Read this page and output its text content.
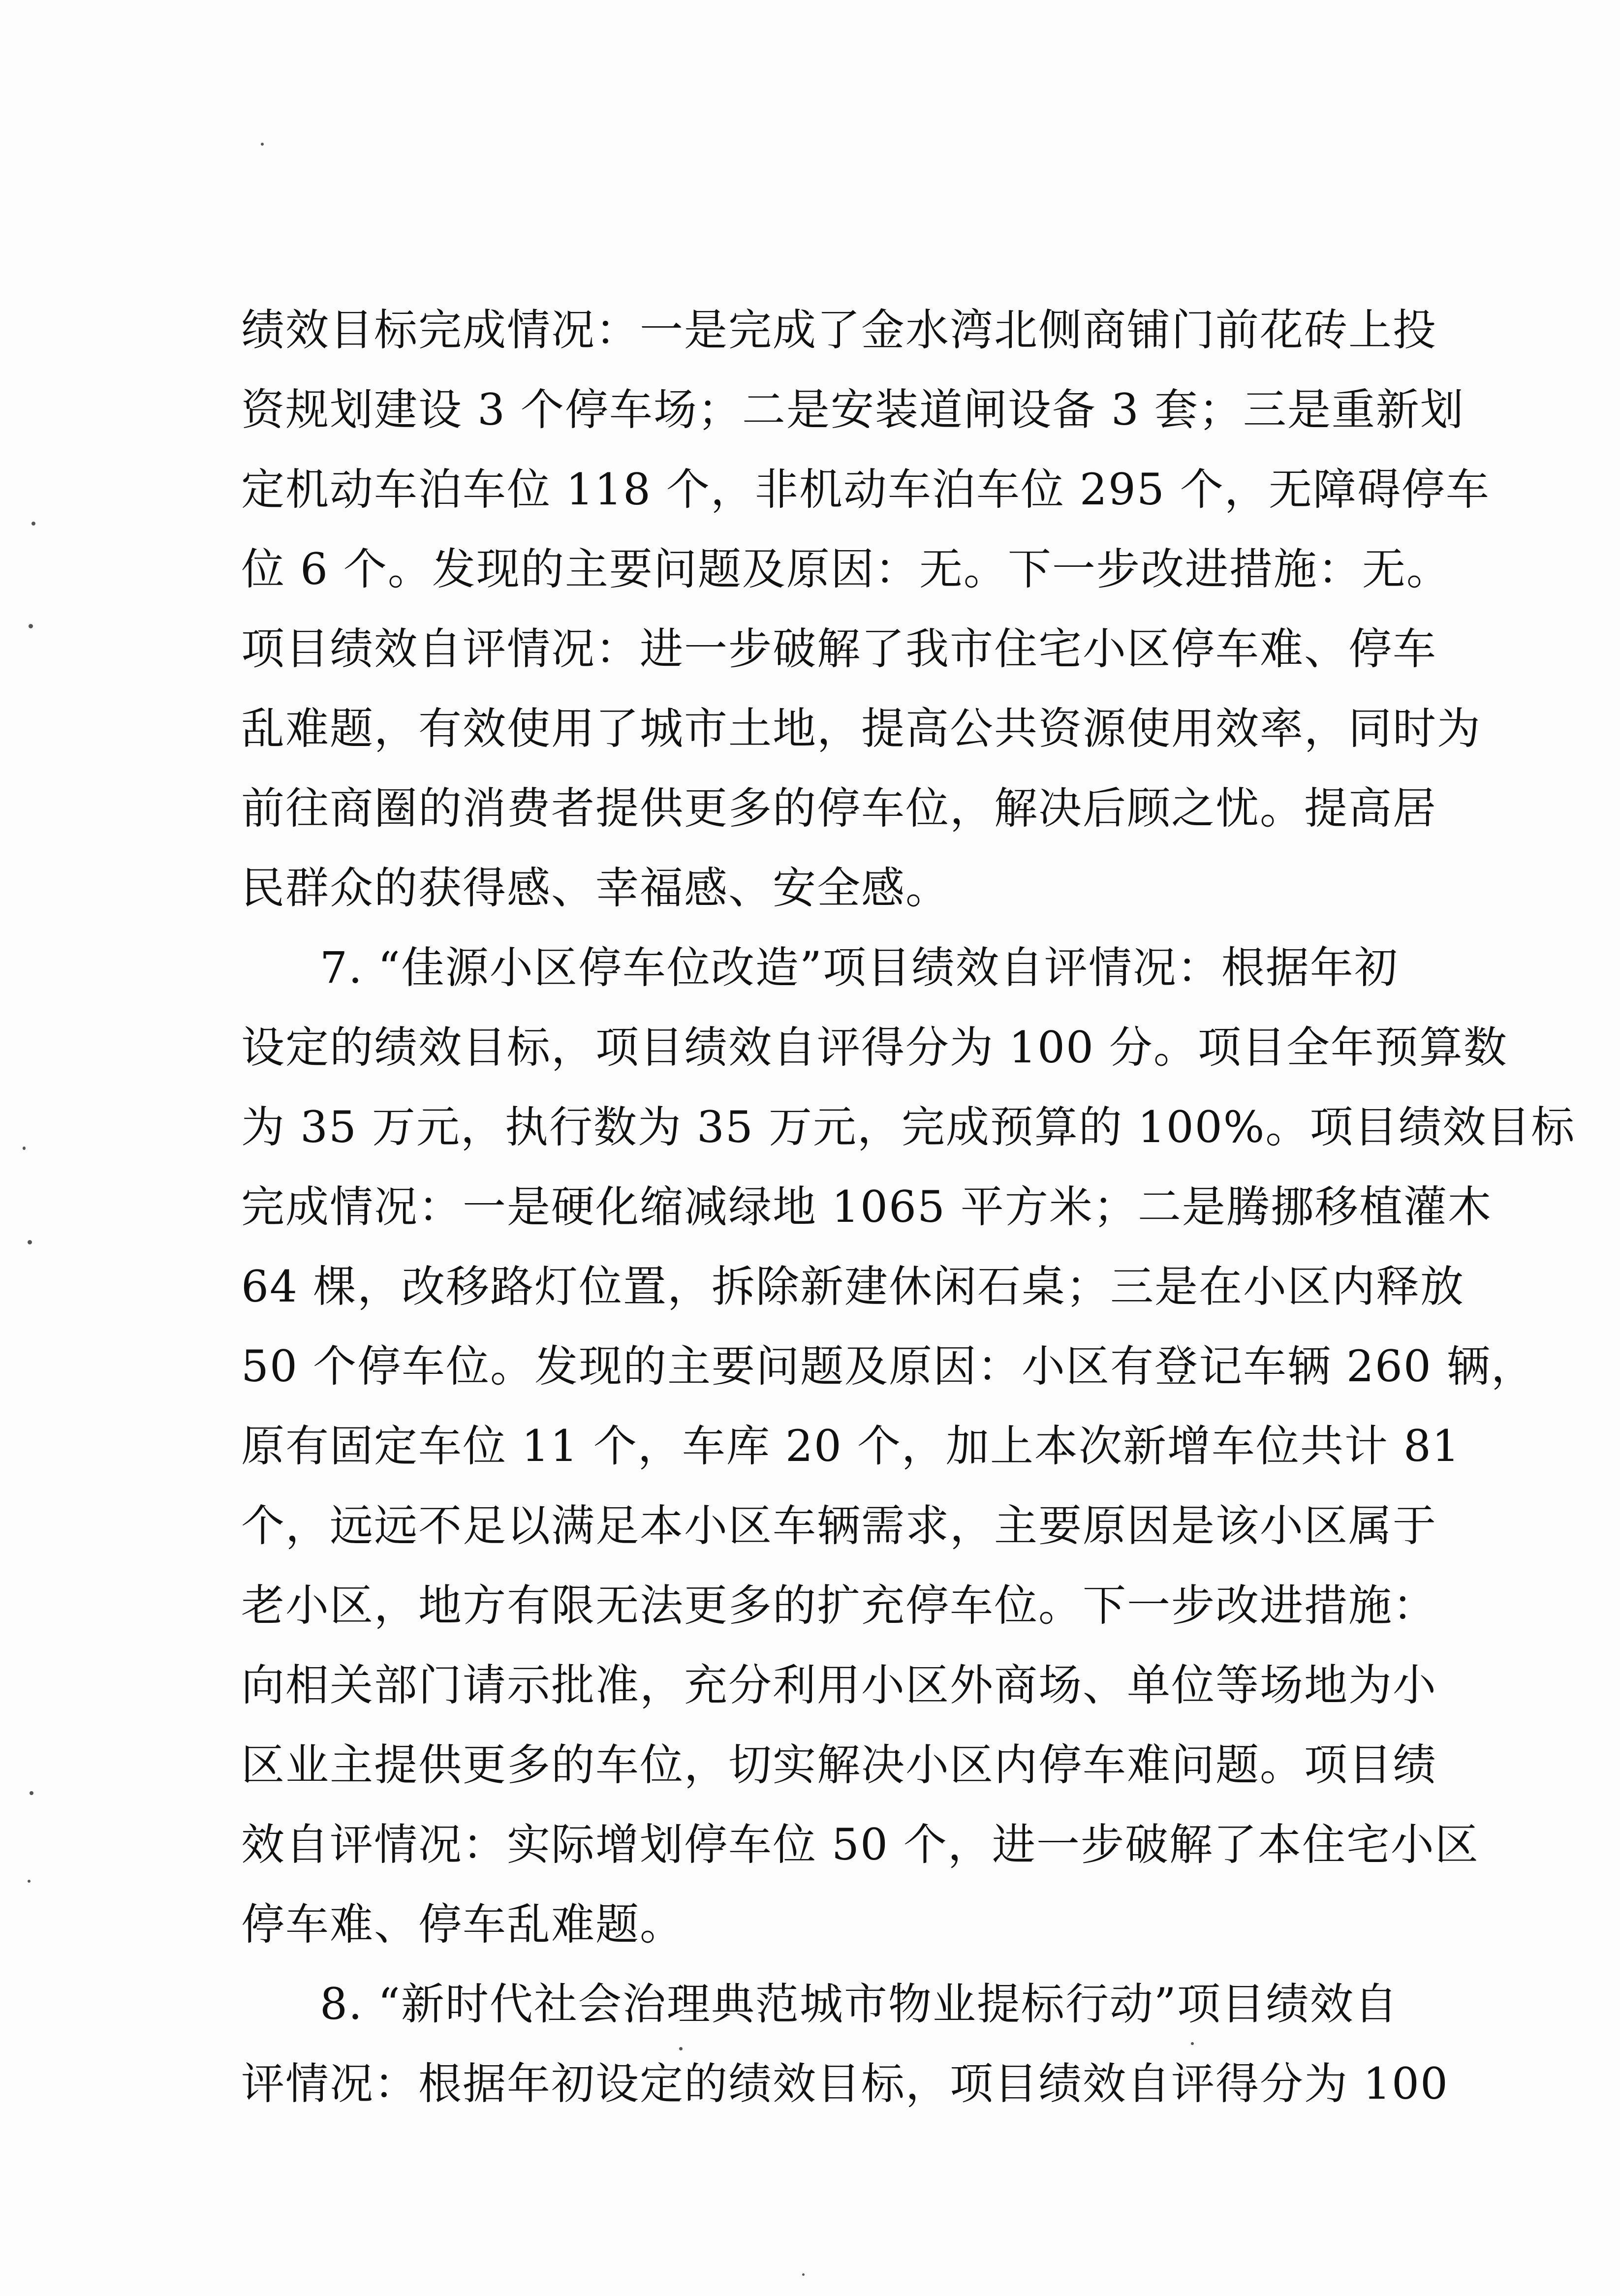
绩效目标完成情况：一是完成了金水湾北侧商铺门前花砖上投
资规划建设 3 个停车场；二是安装道闸设备 3 套；三是重新划
定机动车泊车位 118 个，非机动车泊车位 295 个，无障碍停车
位 6 个。发现的主要问题及原因：无。下一步改进措施：无。
项目绩效自评情况：进一步破解了我市住宅小区停车难、停车
乱难题，有效使用了城市土地，提高公共资源使用效率，同时为
前往商圈的消费者提供更多的停车位，解决后顾之忧。提高居
民群众的获得感、幸福感、安全感。
7. “佳源小区停车位改造”项目绩效自评情况：根据年初
设定的绩效目标，项目绩效自评得分为 100 分。项目全年预算数
为 35 万元，执行数为 35 万元，完成预算的 100%。项目绩效目标
完成情况：一是硬化缩减绿地 1065 平方米；二是腾挪移植灌木
64 棵，改移路灯位置，拆除新建休闲石桌；三是在小区内释放
50 个停车位。发现的主要问题及原因：小区有登记车辆 260 辆，
原有固定车位 11 个，车库 20 个，加上本次新增车位共计 81
个，远远不足以满足本小区车辆需求，主要原因是该小区属于
老小区，地方有限无法更多的扩充停车位。下一步改进措施：
向相关部门请示批准，充分利用小区外商场、单位等场地为小
区业主提供更多的车位，切实解决小区内停车难问题。项目绩
效自评情况：实际增划停车位 50 个，进一步破解了本住宅小区
停车难、停车乱难题。
8. “新时代社会治理典范城市物业提标行动”项目绩效自
评情况：根据年初设定的绩效目标，项目绩效自评得分为 100
